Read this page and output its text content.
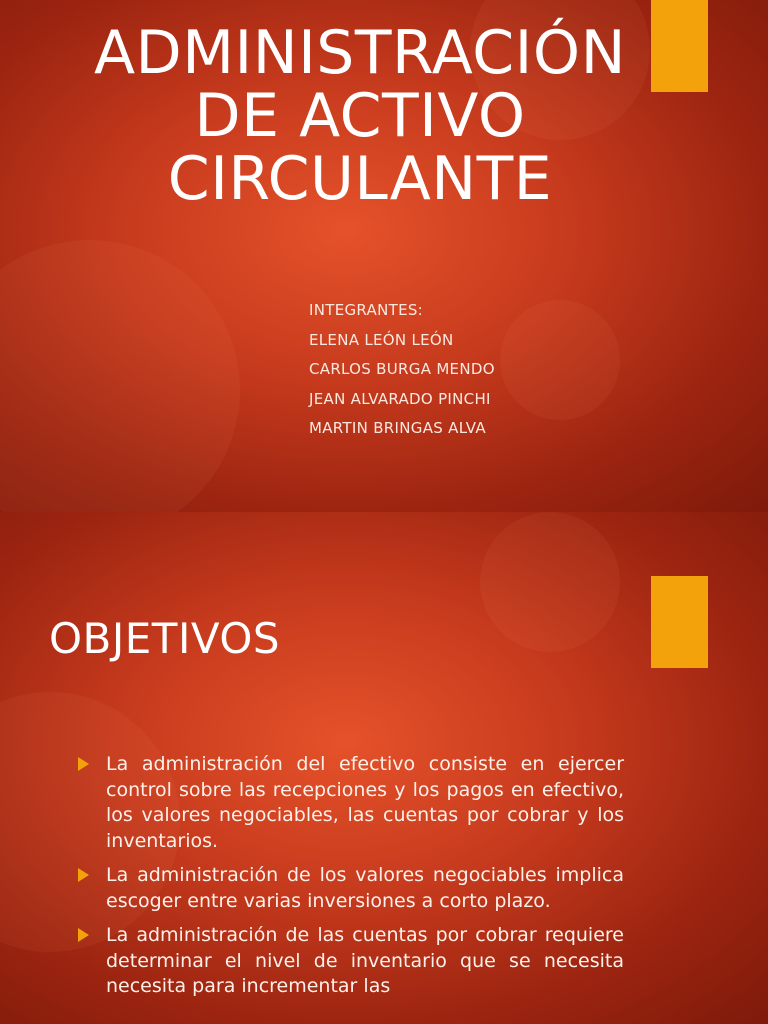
ADMINISTRACIÓN
DE ACTIVO
CIRCULANTE
INTEGRANTES:
ELENA LEÓN LEÓN
CARLOS BURGA MENDO
JEAN ALVARADO PINCHI
MARTIN BRINGAS ALVA
OBJETIVOS
La administración del efectivo consiste en ejercer control sobre las recepciones y los pagos en efectivo, los valores negociables, las cuentas por cobrar y los inventarios.
La administración de los valores negociables implica escoger entre varias inversiones a corto plazo.
La administración de las cuentas por cobrar requiere determinar el nivel de inventario que se necesita necesita para incrementar las
